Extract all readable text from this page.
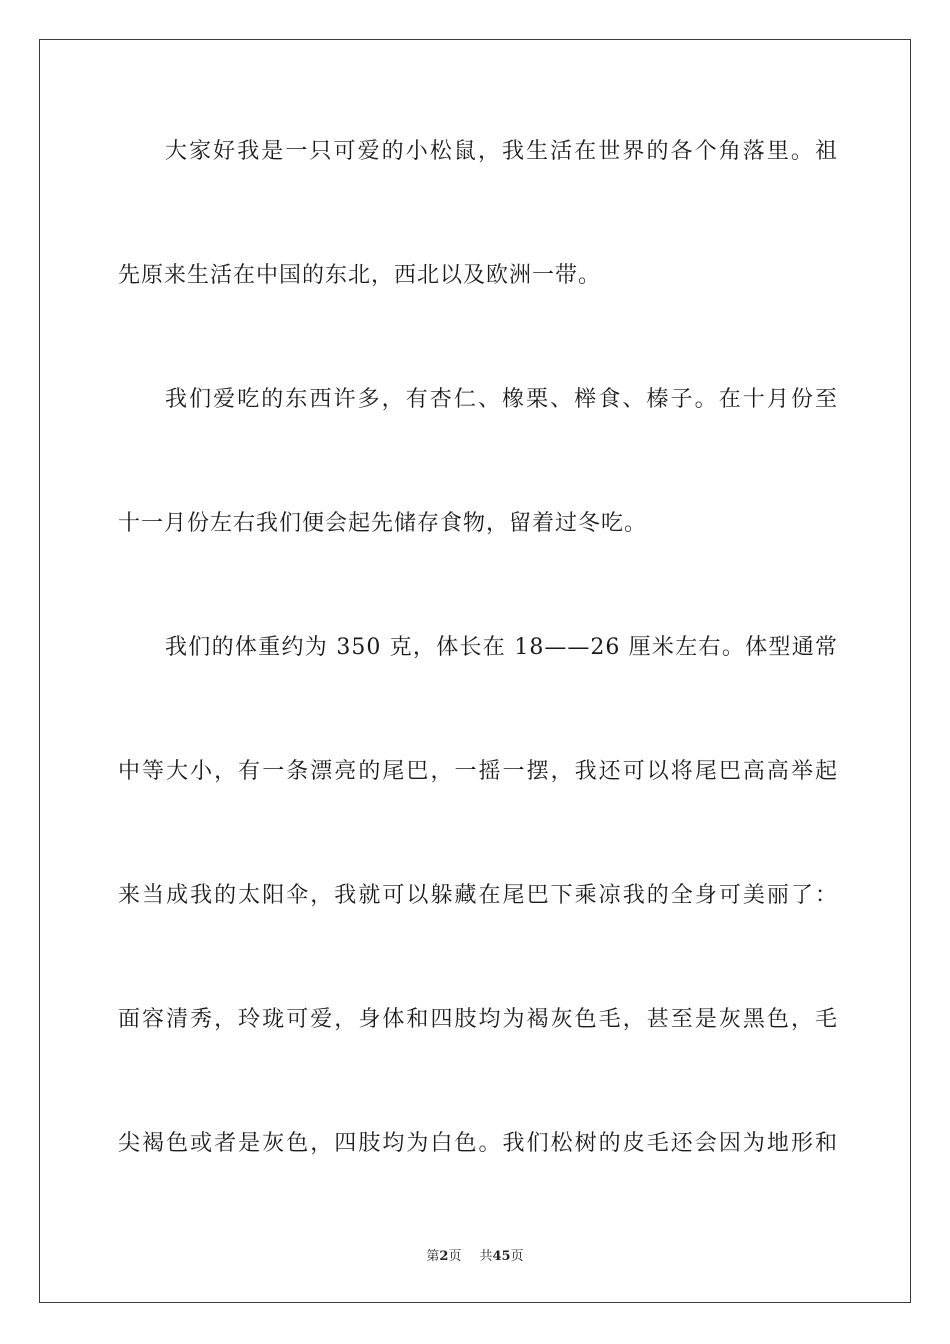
大家好我是一只可爱的小松鼠，我生活在世界的各个角落里。祖
先原来生活在中国的东北，西北以及欧洲一带。
我们爱吃的东西许多，有杏仁、橡栗、榉食、榛子。在十月份至
十一月份左右我们便会起先储存食物，留着过冬吃。
我们的体重约为 350 克，体长在 18——26 厘米左右。体型通常
中等大小，有一条漂亮的尾巴，一摇一摆，我还可以将尾巴高高举起
来当成我的太阳伞，我就可以躲藏在尾巴下乘凉我的全身可美丽了：
面容清秀，玲珑可爱，身体和四肢均为褐灰色毛，甚至是灰黑色，毛
尖褐色或者是灰色，四肢均为白色。我们松树的皮毛还会因为地形和
第2页 共45页
